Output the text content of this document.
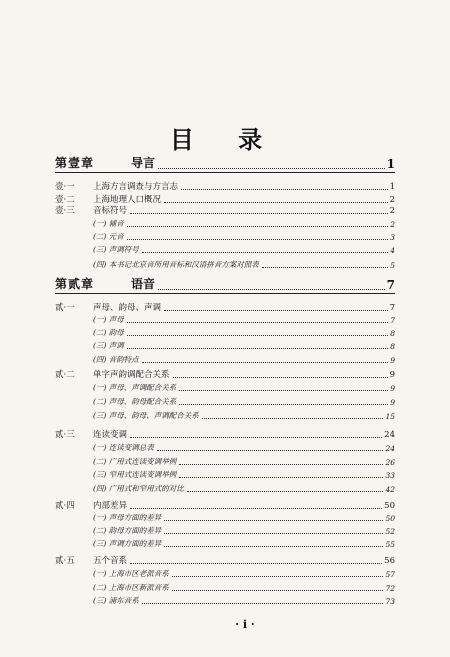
目 录
第壹章	导言	1
壹·一	上海方言调查与方言志	1
壹·二	上海地理人口概况	2
壹·三	音标符号	2
(一) 辅音	2
(二) 元音	3
(三) 声调符号	4
(四) 本书记北京音所用音标和汉语拼音方案对照表	5
第贰章	语音	7
贰·一	声母、韵母、声调	7
(一) 声母	7
(二) 韵母	8
(三) 声调	8
(四) 音韵特点	9
贰·二	单字声韵调配合关系	9
(一) 声母、声调配合关系	9
(二) 声母、韵母配合关系	9
(三) 声母、韵母、声调配合关系	15
贰·三	连读变调	24
(一) 连读变调总表	24
(二) 广用式连读变调举例	26
(三) 窄用式连读变调举例	33
(四) 广用式和窄用式的对比	42
贰·四	内部差异	50
(一) 声母方面的差异	50
(二) 韵母方面的差异	52
(三) 声调方面的差异	55
贰·五	五个音系	56
(一) 上海市区老派音系	57
(二) 上海市区新派音系	72
(三) 浦东音系	73
· i ·
